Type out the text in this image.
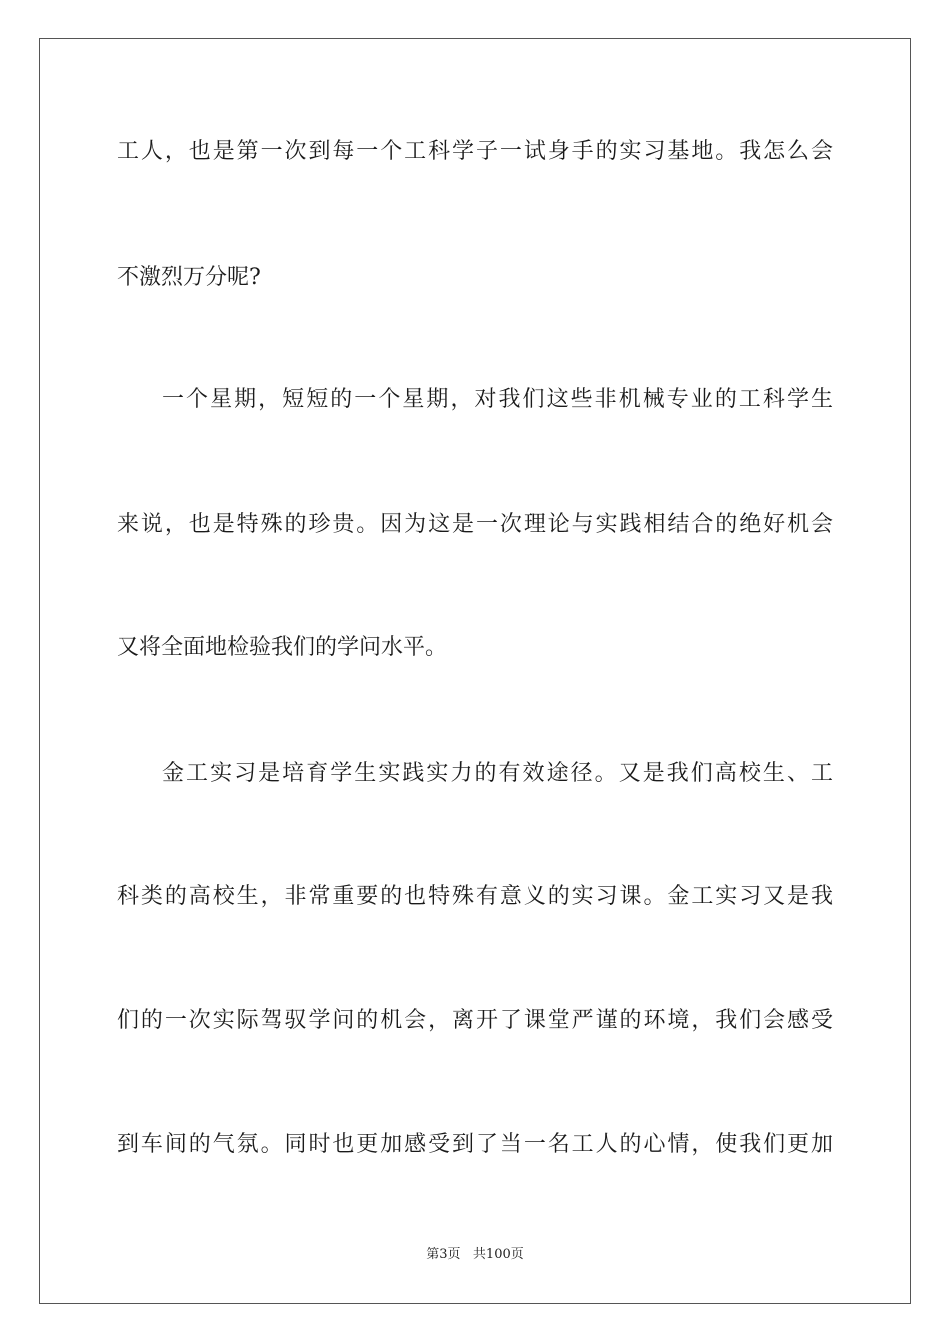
工人，也是第一次到每一个工科学子一试身手的实习基地。我怎么会
不激烈万分呢?
一个星期，短短的一个星期，对我们这些非机械专业的工科学生
来说，也是特殊的珍贵。因为这是一次理论与实践相结合的绝好机会
又将全面地检验我们的学问水平。
金工实习是培育学生实践实力的有效途径。又是我们高校生、工
科类的高校生，非常重要的也特殊有意义的实习课。金工实习又是我
们的一次实际驾驭学问的机会，离开了课堂严谨的环境，我们会感受
到车间的气氛。同时也更加感受到了当一名工人的心情，使我们更加
第3页 共100页
